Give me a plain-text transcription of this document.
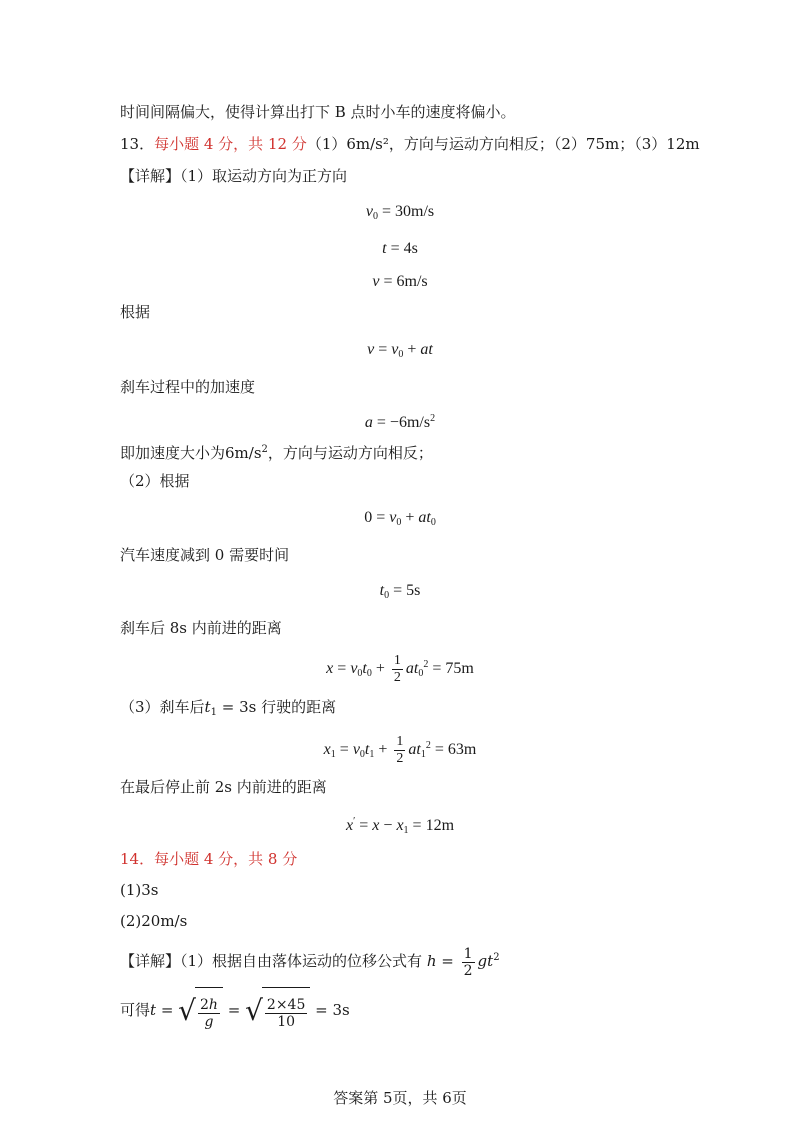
时间间隔偏大，使得计算出打下 B 点时小车的速度将偏小。
13．每小题 4 分，共 12 分（1）6m/s²，方向与运动方向相反；（2）75m；（3）12m
【详解】（1）取运动方向为正方向
$v_0 = 30m/s$
t = 4s
v = 6m/s
根据
$v = v_0$ + at
刹车过程中的加速度
$a = -6m/s^2$
即加速度大小为$6m/s^2$，方向与运动方向相反；
（2）根据
$0 = v_0 + at_0$
汽车速度减到 0 需要时间
$t_0 = 5s$
刹车后 8s 内前进的距离
$x = v_0t_0 + \frac{1}{2} at_0^2 = 75m$
（3）刹车后$t_1 = 3s$ 行驶的距离
$x_1 = v_0t_1 + \frac{1}{2} at_1^2 = 63m$
在最后停止前 2s 内前进的距离
$x' = x - x_1 = 12m$
14．每小题 4 分，共 8 分
(1)3s
(2)20m/s
【详解】（1）根据自由落体运动的位移公式有 $h = \frac{1}{2} gt^2$
可得t = √ $\frac{2h}{g}$ = √ $\frac{2\times 45}{10} = 3s$
答案第 5页，共 6页
